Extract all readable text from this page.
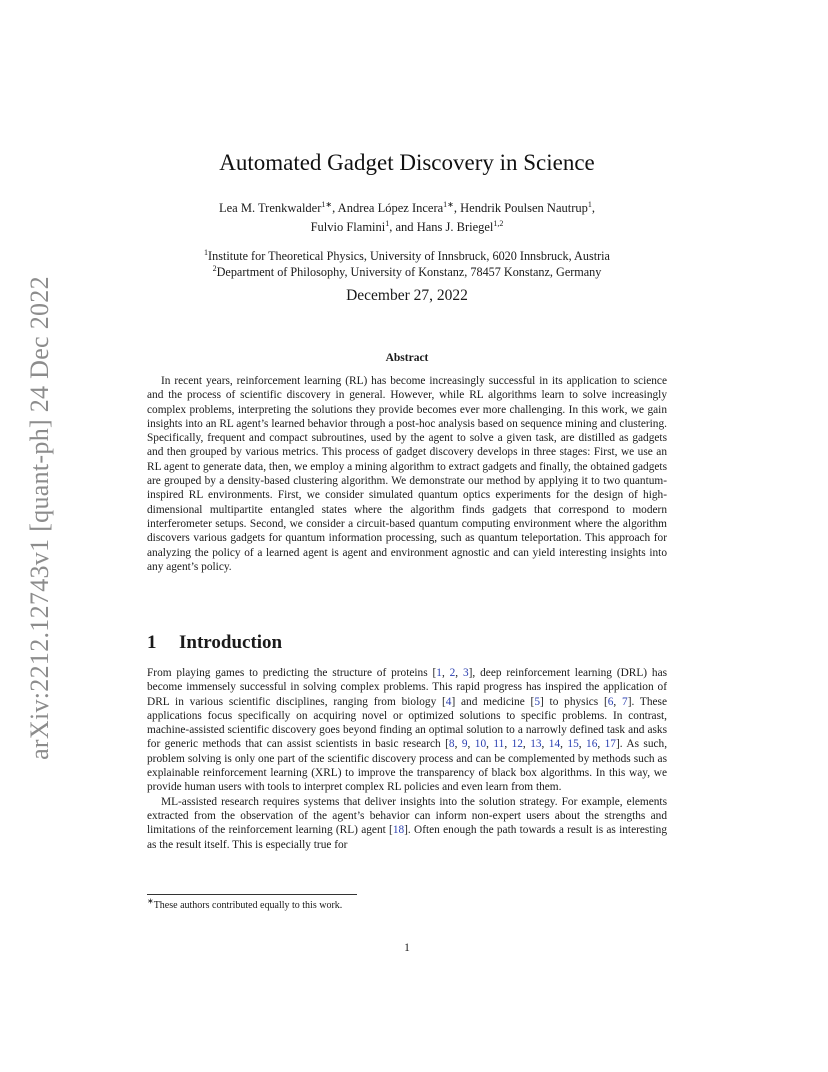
arXiv:2212.12743v1 [quant-ph] 24 Dec 2022
Automated Gadget Discovery in Science
Lea M. Trenkwalder$^{1∗}$, Andrea López Incera$^{1∗}$, Hendrik Poulsen Nautrup$^1$,
Fulvio Flamini$^1$, and Hans J. Briegel$^{1,2}$
$^1$Institute for Theoretical Physics, University of Innsbruck, 6020 Innsbruck, Austria
$^2$Department of Philosophy, University of Konstanz, 78457 Konstanz, Germany
December 27, 2022
Abstract

In recent years, reinforcement learning (RL) has become increasingly successful in its application to science and the process of scientific discovery in general. However, while RL algorithms learn to solve increasingly complex problems, interpreting the solutions they provide becomes ever more challenging. In this work, we gain insights into an RL agent’s learned behavior through a post-hoc analysis based on sequence mining and clustering. Specifically, frequent and compact subroutines, used by the agent to solve a given task, are distilled as gadgets and then grouped by various metrics. This process of gadget discovery develops in three stages: First, we use an RL agent to generate data, then, we employ a mining algorithm to extract gadgets and finally, the obtained gadgets are grouped by a density-based clustering algorithm. We demonstrate our method by applying it to two quantum-inspired RL environments. First, we consider simulated quantum optics experiments for the design of high-dimensional multipartite entangled states where the algorithm finds gadgets that correspond to modern interferometer setups. Second, we consider a circuit-based quantum computing environment where the algorithm discovers various gadgets for quantum information processing, such as quantum teleportation. This approach for analyzing the policy of a learned agent is agent and environment agnostic and can yield interesting insights into any agent’s policy.

1 Introduction

From playing games to predicting the structure of proteins [1, 2, 3], deep reinforcement learning (DRL) has become immensely successful in solving complex problems. This rapid progress has inspired the application of DRL in various scientific disciplines, ranging from biology [4] and medicine [5] to physics [6, 7]. These applications focus specifically on acquiring novel or optimized solutions to specific problems. In contrast, machine-assisted scientific discovery goes beyond finding an optimal solution to a narrowly defined task and asks for generic methods that can assist scientists in basic research [8, 9, 10, 11, 12, 13, 14, 15, 16, 17]. As such, problem solving is only one part of the scientific discovery process and can be complemented by methods such as explainable reinforcement learning (XRL) to improve the transparency of black box algorithms. In this way, we provide human users with tools to interpret complex RL policies and even learn from them.

ML-assisted research requires systems that deliver insights into the solution strategy. For example, elements extracted from the observation of the agent’s behavior can inform non-expert users about the strengths and limitations of the reinforcement learning (RL) agent [18]. Often enough the path towards a result is as interesting as the result itself. This is especially true for

∗These authors contributed equally to this work.
1
